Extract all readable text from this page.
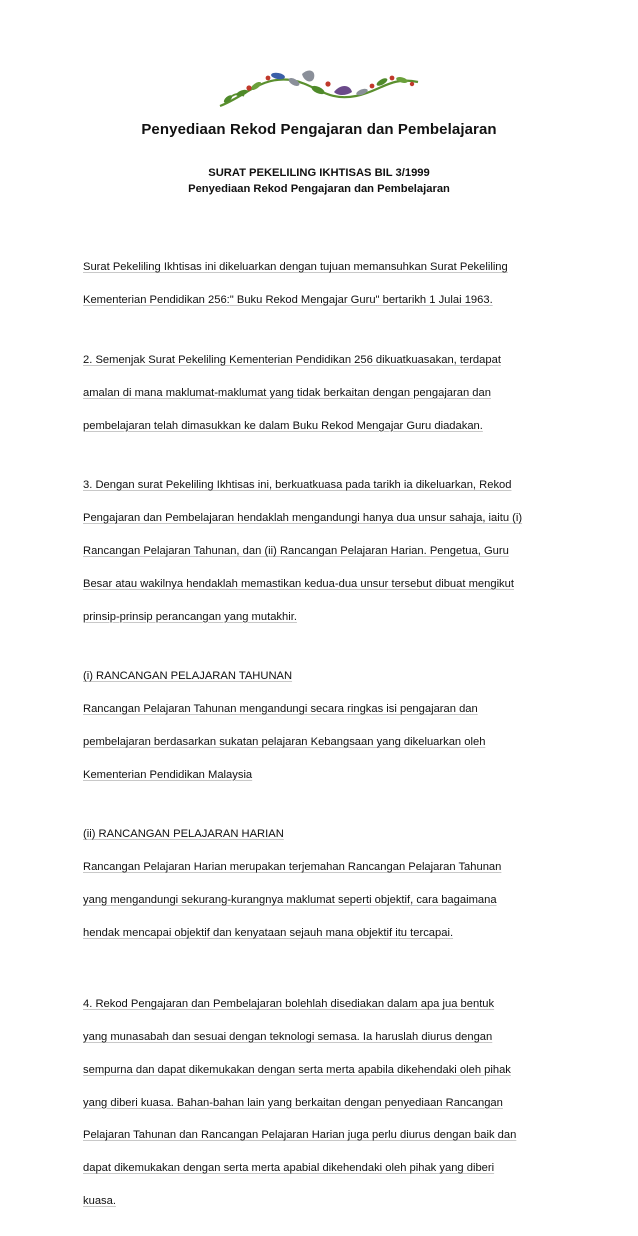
Penyediaan Rekod Pengajaran dan Pembelajaran
SURAT PEKELILING IKHTISAS BIL 3/1999
Penyediaan Rekod Pengajaran dan Pembelajaran

Surat Pekeliling Ikhtisas ini dikeluarkan dengan tujuan memansuhkan Surat Pekeliling

Kementerian Pendidikan 256:" Buku Rekod Mengajar Guru" bertarikh 1 Julai 1963.

2. Semenjak Surat Pekeliling Kementerian Pendidikan 256 dikuatkuasakan, terdapat

amalan di mana maklumat-maklumat yang tidak berkaitan dengan pengajaran dan

pembelajaran telah dimasukkan ke dalam Buku Rekod Mengajar Guru diadakan.

3. Dengan surat Pekeliling Ikhtisas ini, berkuatkuasa pada tarikh ia dikeluarkan, Rekod

Pengajaran dan Pembelajaran hendaklah mengandungi hanya dua unsur sahaja, iaitu (i)

Rancangan Pelajaran Tahunan, dan (ii) Rancangan Pelajaran Harian. Pengetua, Guru

Besar atau wakilnya hendaklah memastikan kedua-dua unsur tersebut dibuat mengikut

prinsip-prinsip perancangan yang mutakhir.

(i) RANCANGAN PELAJARAN TAHUNAN

Rancangan Pelajaran Tahunan mengandungi secara ringkas isi pengajaran dan

pembelajaran berdasarkan sukatan pelajaran Kebangsaan yang dikeluarkan oleh

Kementerian Pendidikan Malaysia

(ii) RANCANGAN PELAJARAN HARIAN

Rancangan Pelajaran Harian merupakan terjemahan Rancangan Pelajaran Tahunan

yang mengandungi sekurang-kurangnya maklumat seperti objektif, cara bagaimana

hendak mencapai objektif dan kenyataan sejauh mana objektif itu tercapai.

4. Rekod Pengajaran dan Pembelajaran bolehlah disediakan dalam apa jua bentuk

yang munasabah dan sesuai dengan teknologi semasa. Ia haruslah diurus dengan

sempurna dan dapat dikemukakan dengan serta merta apabila dikehendaki oleh pihak

yang diberi kuasa. Bahan-bahan lain yang berkaitan dengan penyediaan Rancangan

Pelajaran Tahunan dan Rancangan Pelajaran Harian juga perlu diurus dengan baik dan

dapat dikemukakan dengan serta merta apabial dikehendaki oleh pihak yang diberi

kuasa.
